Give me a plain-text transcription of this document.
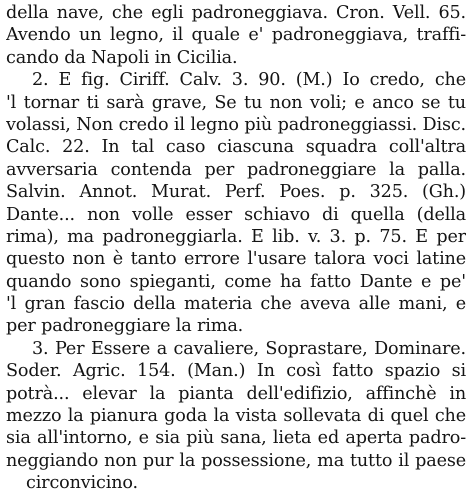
della nave, che egli padroneggiava. Cron. Vell. 65.
Avendo un legno, il quale e' padroneggiava, traffi-
cando da Napoli in Cicilia.
2. E fig. Ciriff. Calv. 3. 90. (M.) Io credo, che
'l tornar ti sarà grave, Se tu non voli; e anco se tu
volassi, Non credo il legno più padroneggiassi. Disc.
Calc. 22. In tal caso ciascuna squadra coll'altra
avversaria contenda per padroneggiare la palla.
Salvin. Annot. Murat. Perf. Poes. p. 325. (Gh.)
Dante... non volle esser schiavo di quella (della
rima), ma padroneggiarla. E lib. v. 3. p. 75. E per
questo non è tanto errore l'usare talora voci latine
quando sono spieganti, come ha fatto Dante e pe'
'l gran fascio della materia che aveva alle mani, e
per padroneggiare la rima.
3. Per Essere a cavaliere, Soprastare, Dominare.
Soder. Agric. 154. (Man.) In così fatto spazio si
potrà... elevar la pianta dell'edifizio, affinchè in
mezzo la pianura goda la vista sollevata di quel che
sia all'intorno, e sia più sana, lieta ed aperta padro-
neggiando non pur la possessione, ma tutto il paese
circonvicino.
